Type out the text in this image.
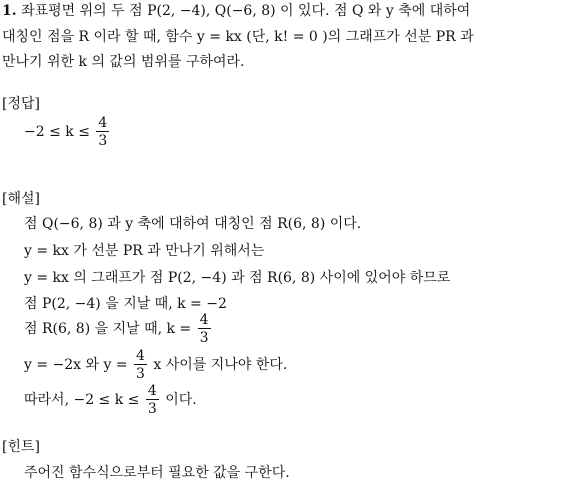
1. 좌표평면 위의 두 점 P(2, −4), Q(−6, 8) 이 있다. 점 Q 와 y 축에 대하여
대칭인 점을 R 이라 할 때, 함수 y = kx (단, k! = 0 )의 그래프가 선분 PR 과
만나기 위한 k 의 값의 범위를 구하여라.
[정답]
$-2 \le k \le \frac{4}{3}$
[해설]
점 Q(−6, 8) 과 y 축에 대하여 대칭인 점 R(6, 8) 이다.
y = kx 가 선분 PR 과 만나기 위해서는
y = kx 의 그래프가 점 P(2, −4) 과 점 R(6, 8) 사이에 있어야 하므로
점 P(2, −4) 을 지날 때, k = −2
점 R(6, 8) 을 지날 때, $k = \frac{4}{3}$
y = −2x 와 $y = \frac{4}{3}$ x 사이를 지나야 한다.
따라서, $-2 \le k \le \frac{4}{3}$ 이다.
[힌트]
주어진 함수식으로부터 필요한 값을 구한다.
